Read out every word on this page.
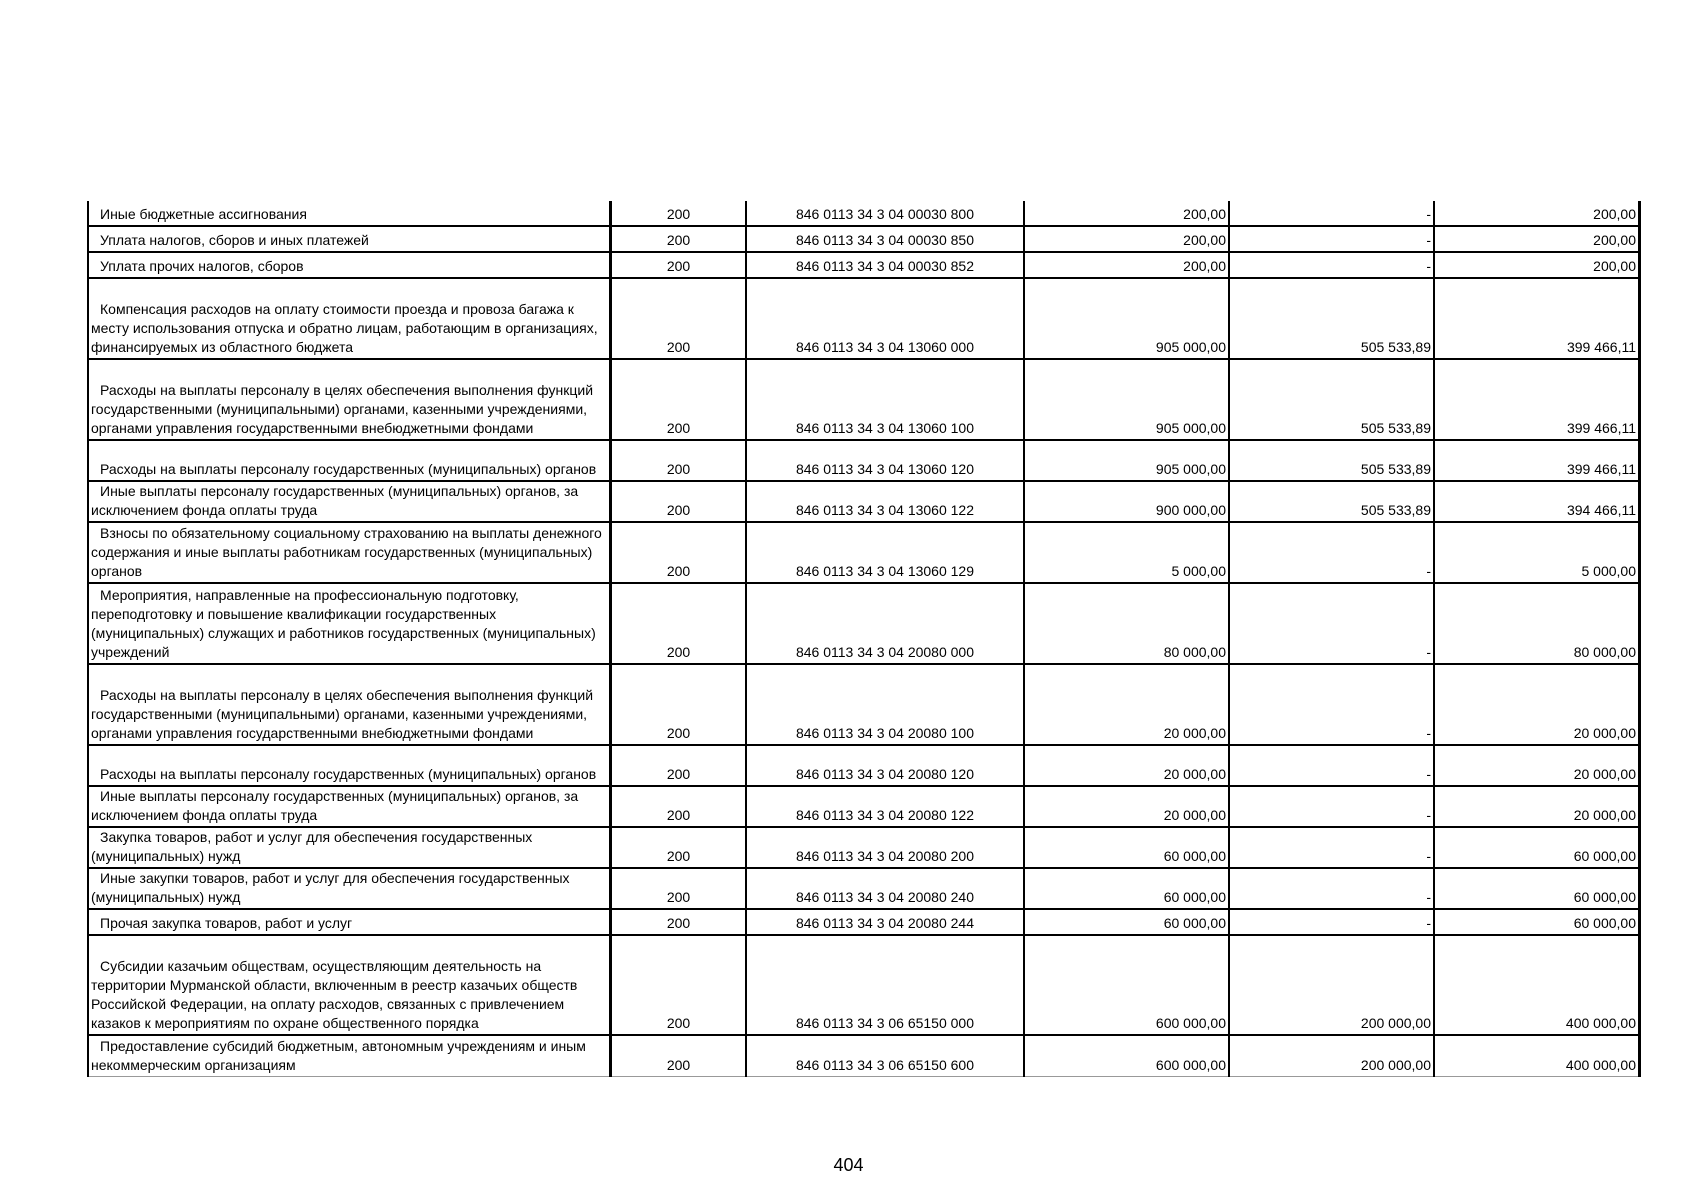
Иные бюджетные ассигнования	200	846 0113 34 3 04 00030 800	200,00	-	200,00

Уплата налогов, сборов и иных платежей	200	846 0113 34 3 04 00030 850	200,00	-	200,00

Уплата прочих налогов, сборов	200	846 0113 34 3 04 00030 852	200,00	-	200,00

Компенсация расходов на оплату стоимости проезда и провоза багажа к месту использования отпуска и обратно лицам, работающим в организациях, финансируемых из областного бюджета	200	846 0113 34 3 04 13060 000	905 000,00	505 533,89	399 466,11

Расходы на выплаты персоналу в целях обеспечения выполнения функций государственными (муниципальными) органами, казенными учреждениями, органами управления государственными внебюджетными фондами	200	846 0113 34 3 04 13060 100	905 000,00	505 533,89	399 466,11

Расходы на выплаты персоналу государственных (муниципальных) органов	200	846 0113 34 3 04 13060 120	905 000,00	505 533,89	399 466,11

Иные выплаты персоналу государственных (муниципальных) органов, за исключением фонда оплаты труда	200	846 0113 34 3 04 13060 122	900 000,00	505 533,89	394 466,11

Взносы по обязательному социальному страхованию на выплаты денежного содержания и иные выплаты работникам государственных (муниципальных) органов	200	846 0113 34 3 04 13060 129	5 000,00	-	5 000,00

Мероприятия, направленные на профессиональную подготовку, переподготовку и повышение квалификации государственных (муниципальных) служащих и работников государственных (муниципальных) учреждений	200	846 0113 34 3 04 20080 000	80 000,00	-	80 000,00

Расходы на выплаты персоналу в целях обеспечения выполнения функций государственными (муниципальными) органами, казенными учреждениями, органами управления государственными внебюджетными фондами	200	846 0113 34 3 04 20080 100	20 000,00	-	20 000,00

Расходы на выплаты персоналу государственных (муниципальных) органов	200	846 0113 34 3 04 20080 120	20 000,00	-	20 000,00

Иные выплаты персоналу государственных (муниципальных) органов, за исключением фонда оплаты труда	200	846 0113 34 3 04 20080 122	20 000,00	-	20 000,00

Закупка товаров, работ и услуг для обеспечения государственных (муниципальных) нужд	200	846 0113 34 3 04 20080 200	60 000,00	-	60 000,00

Иные закупки товаров, работ и услуг для обеспечения государственных (муниципальных) нужд	200	846 0113 34 3 04 20080 240	60 000,00	-	60 000,00

Прочая закупка товаров, работ и услуг	200	846 0113 34 3 04 20080 244	60 000,00	-	60 000,00

Субсидии казачьим обществам, осуществляющим деятельность на территории Мурманской области, включенным в реестр казачьих обществ Российской Федерации, на оплату расходов, связанных с привлечением казаков к мероприятиям по охране общественного порядка	200	846 0113 34 3 06 65150 000	600 000,00	200 000,00	400 000,00

Предоставление субсидий бюджетным, автономным учреждениям и иным некоммерческим организациям	200	846 0113 34 3 06 65150 600	600 000,00	200 000,00	400 000,00
404
